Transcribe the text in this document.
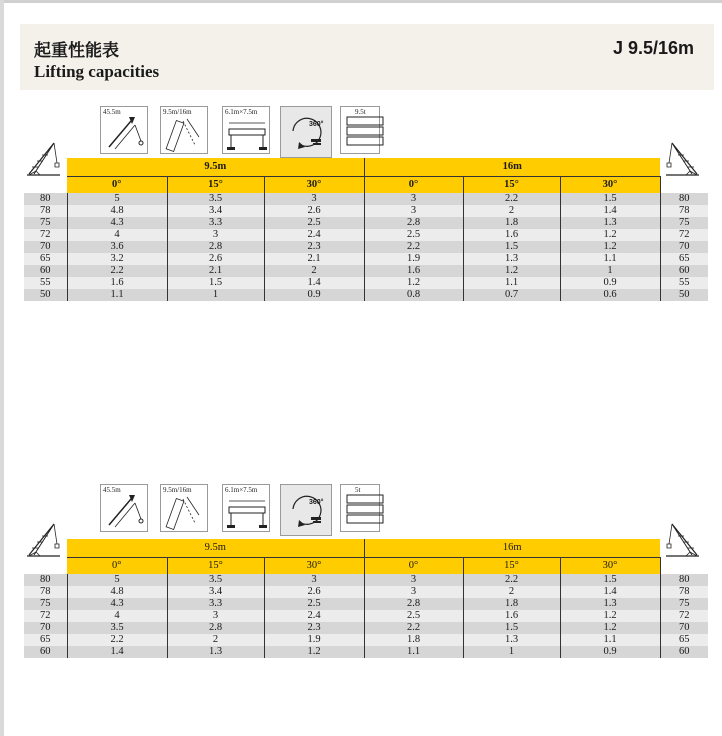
起重性能表
Lifting capacities
J 9.5/16m
45.5m	9.5m/16m	6.1m×7.5m
360°
9.5t
	9.5m			16m			
	0°	15°	30°	0°	15°	30°	
80	5	3.5	3	3	2.2	1.5	80
78	4.8	3.4	2.6	3	2	1.4	78
75	4.3	3.3	2.5	2.8	1.8	1.3	75
72	4	3	2.4	2.5	1.6	1.2	72
70	3.6	2.8	2.3	2.2	1.5	1.2	70
65	3.2	2.6	2.1	1.9	1.3	1.1	65
60	2.2	2.1	2	1.6	1.2	1	60
55	1.6	1.5	1.4	1.2	1.1	0.9	55
50	1.1	1	0.9	0.8	0.7	0.6	50
45.5m	9.5m/16m	6.1m×7.5m
360°
5t
	9.5m			16m			
	0°	15°	30°	0°	15°	30°	
80	5	3.5	3	3	2.2	1.5	80
78	4.8	3.4	2.6	3	2	1.4	78
75	4.3	3.3	2.5	2.8	1.8	1.3	75
72	4	3	2.4	2.5	1.6	1.2	72
70	3.5	2.8	2.3	2.2	1.5	1.2	70
65	2.2	2	1.9	1.8	1.3	1.1	65
60	1.4	1.3	1.2	1.1	1	0.9	60
